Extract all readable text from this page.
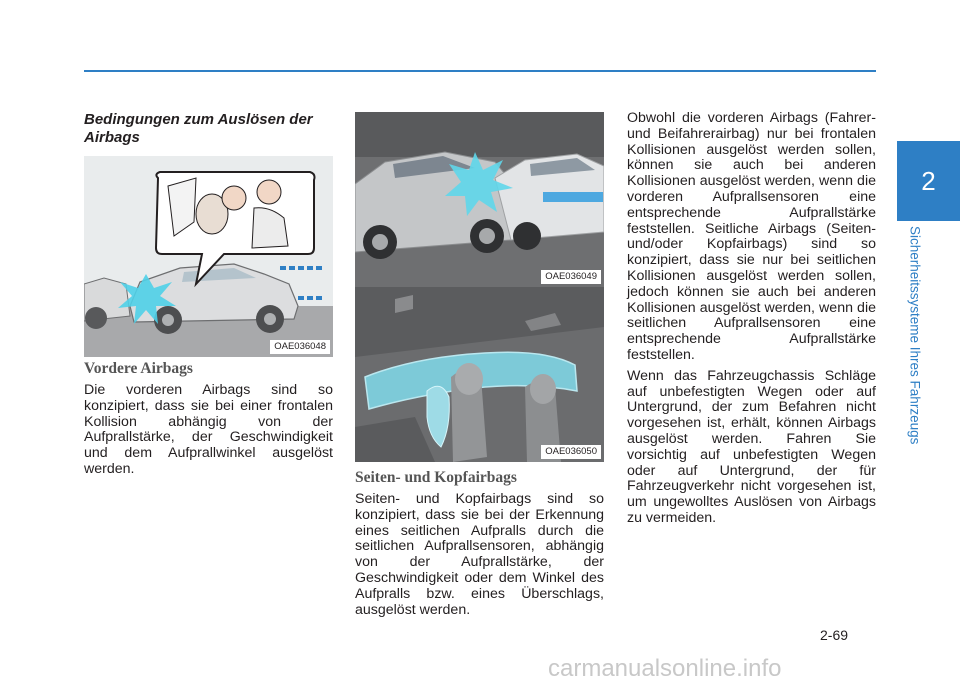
2
Sicherheitssysteme Ihres Fahrzeugs

Bedingungen zum Auslösen der Airbags

OAE036048

Vordere Airbags

Die vorderen Airbags sind so konzipiert, dass sie bei einer frontalen Kollision abhängig von der Aufprallstärke, der Geschwindigkeit und dem Aufprallwinkel ausgelöst werden.

OAE036049
OAE036050

Seiten- und Kopfairbags

Seiten- und Kopfairbags sind so konzipiert, dass sie bei der Erkennung eines seitlichen Aufpralls durch die seitlichen Aufprallsensoren, abhängig von der Aufprallstärke, der Geschwindigkeit oder dem Winkel des Aufpralls bzw. eines Überschlags, ausgelöst werden.

Obwohl die vorderen Airbags (Fahrer- und Beifahrerairbag) nur bei frontalen Kollisionen ausgelöst werden sollen, können sie auch bei anderen Kollisionen ausgelöst werden, wenn die vorderen Aufprallsensoren eine entsprechende Aufprallstärke feststellen. Seitliche Airbags (Seiten- und/oder Kopfairbags) sind so konzipiert, dass sie nur bei seitlichen Kollisionen ausgelöst werden sollen, jedoch können sie auch bei anderen Kollisionen ausgelöst werden, wenn die seitlichen Aufprallsensoren eine entsprechende Aufprallstärke feststellen.

Wenn das Fahrzeugchassis Schläge auf unbefestigten Wegen oder auf Untergrund, der zum Befahren nicht vorgesehen ist, erhält, können Airbags ausgelöst werden. Fahren Sie vorsichtig auf unbefestigten Wegen oder auf Untergrund, der für Fahrzeugverkehr nicht vorgesehen ist, um ungewolltes Auslösen von Airbags zu vermeiden.

2-69
carmanualsonline.info
